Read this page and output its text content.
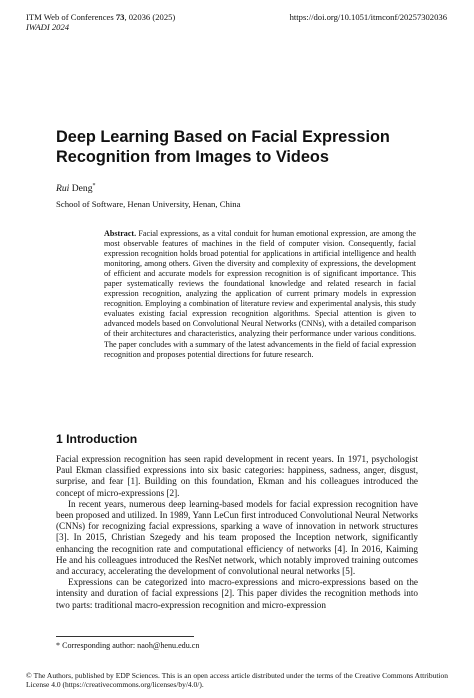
ITM Web of Conferences 73, 02036 (2025)
IWADI 2024
https://doi.org/10.1051/itmconf/20257302036
Deep Learning Based on Facial Expression Recognition from Images to Videos
Rui Deng*
School of Software, Henan University, Henan, China
Abstract. Facial expressions, as a vital conduit for human emotional expression, are among the most observable features of machines in the field of computer vision. Consequently, facial expression recognition holds broad potential for applications in artificial intelligence and health monitoring, among others. Given the diversity and complexity of expressions, the development of efficient and accurate models for expression recognition is of significant importance. This paper systematically reviews the foundational knowledge and related research in facial expression recognition, analyzing the application of current primary models in expression recognition. Employing a combination of literature review and experimental analysis, this study evaluates existing facial expression recognition algorithms. Special attention is given to advanced models based on Convolutional Neural Networks (CNNs), with a detailed comparison of their architectures and characteristics, analyzing their performance under various conditions. The paper concludes with a summary of the latest advancements in the field of facial expression recognition and proposes potential directions for future research.
1 Introduction

Facial expression recognition has seen rapid development in recent years. In 1971, psychologist Paul Ekman classified expressions into six basic categories: happiness, sadness, anger, disgust, surprise, and fear [1]. Building on this foundation, Ekman and his colleagues introduced the concept of micro-expressions [2].

In recent years, numerous deep learning-based models for facial expression recognition have been proposed and utilized. In 1989, Yann LeCun first introduced Convolutional Neural Networks (CNNs) for recognizing facial expressions, sparking a wave of innovation in network structures [3]. In 2015, Christian Szegedy and his team proposed the Inception network, significantly enhancing the recognition rate and computational efficiency of networks [4]. In 2016, Kaiming He and his colleagues introduced the ResNet network, which notably improved training outcomes and accuracy, accelerating the development of convolutional neural networks [5].

Expressions can be categorized into macro-expressions and micro-expressions based on the intensity and duration of facial expressions [2]. This paper divides the recognition methods into two parts: traditional macro-expression recognition and micro-expression

* Corresponding author: naoh@henu.edu.cn
© The Authors, published by EDP Sciences. This is an open access article distributed under the terms of the Creative Commons Attribution License 4.0 (https://creativecommons.org/licenses/by/4.0/).
